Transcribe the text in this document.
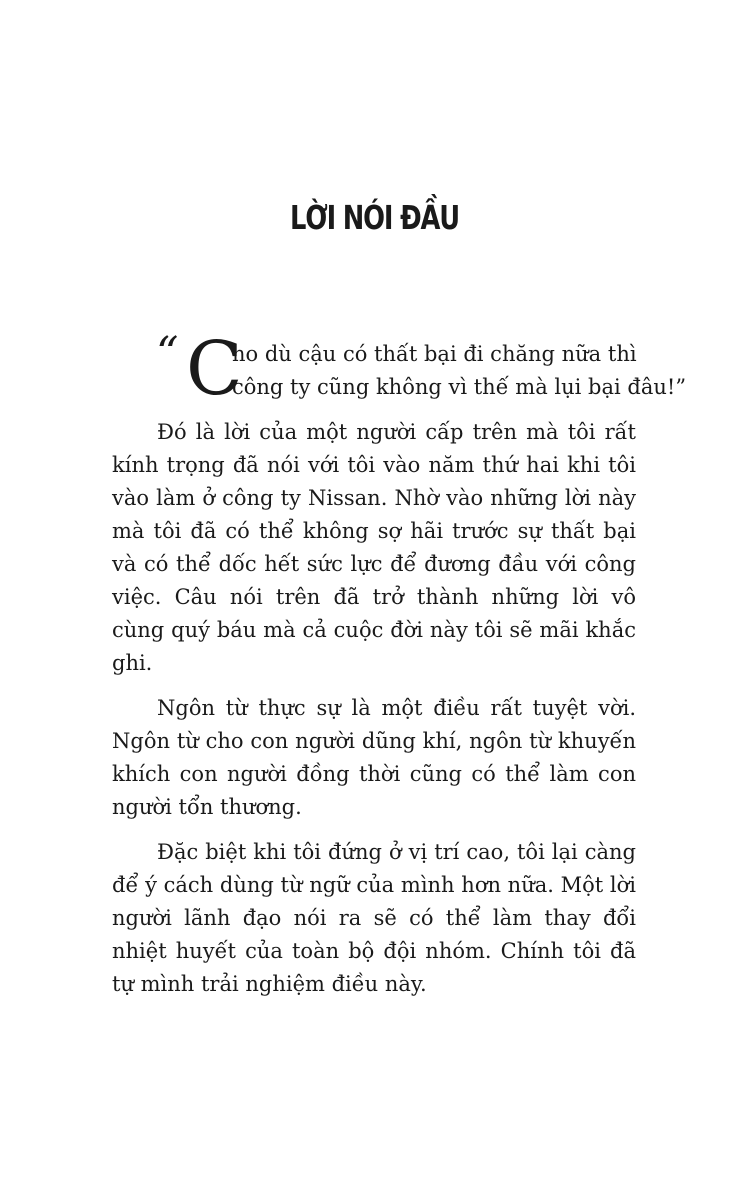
LỜI NÓI ĐẦU
“ C
ho dù cậu có thất bại đi chăng nữa thì
công ty cũng không vì thế mà lụi bại đâu!”

Đó là lời của một người cấp trên mà tôi rất kính trọng đã nói với tôi vào năm thứ hai khi tôi vào làm ở công ty Nissan. Nhờ vào những lời này mà tôi đã có thể không sợ hãi trước sự thất bại và có thể dốc hết sức lực để đương đầu với công việc. Câu nói trên đã trở thành những lời vô cùng quý báu mà cả cuộc đời này tôi sẽ mãi khắc ghi.

Ngôn từ thực sự là một điều rất tuyệt vời. Ngôn từ cho con người dũng khí, ngôn từ khuyến khích con người đồng thời cũng có thể làm con người tổn thương.

Đặc biệt khi tôi đứng ở vị trí cao, tôi lại càng để ý cách dùng từ ngữ của mình hơn nữa. Một lời người lãnh đạo nói ra sẽ có thể làm thay đổi nhiệt huyết của toàn bộ đội nhóm. Chính tôi đã tự mình trải nghiệm điều này.
